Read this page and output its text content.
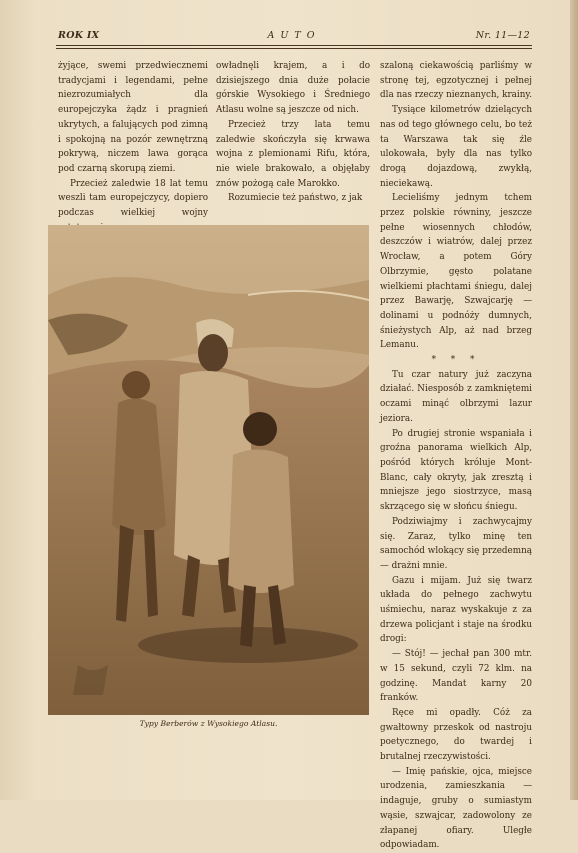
ROK IX	AUTO	Nr. 11—12

żyjące, swemi przedwiecznemi tradycjami i legendami, pełne niezrozumiałych dla europejczyka żądz i pragnień ukrytych, a falujących pod zimną i spokojną na pozór zewnętrzną pokrywą, niczem lawa gorąca pod czarną skorupą ziemi.

Przecież zaledwie 18 lat temu weszli tam europejczycy, dopiero podczas wielkiej wojny

owładnęli krajem, a i do dzisiejszego dnia duże połacie górskie Wysokiego i Średniego Atlasu wolne są jeszcze od nich.

Przecież trzy lata temu zaledwie skończyła się krwawa wojna z plemionami Rifu, która, nie wiele brakowało, a objęłaby znów pożogą całe Marokko.

Rozumiecie też państwo, z jak

szaloną ciekawością parliśmy w stronę tej, egzotycznej i pełnej dla nas rzeczy nieznanych, krainy.

Tysiące kilometrów dzielących nas od tego głównego celu, bo też ta Warszawa tak się źle ulokowała, były dla nas tylko drogą dojazdową, zwykłą, nieciekawą.

Lecieliśmy jednym tchem przez polskie równiny, jeszcze pełne wiosennych chłodów, deszczów i wiatrów, dalej przez Wrocław, a potem Góry Olbrzymie, gęsto polatane wielkiemi płachtami śniegu, dalej przez Bawarję, Szwajcarję — dolinami u podnóży dumnych, śnieżystych Alp, aż nad brzeg Lemanu.

* * *

Tu czar natury już zaczyna działać. Niesposób z zamkniętemi oczami minąć olbrzymi lazur jeziora.

Po drugiej stronie wspaniała i groźna panorama wielkich Alp, pośród których króluje Mont-Blanc, cały okryty, jak zresztą i mniejsze jego siostrzyce, masą skrzącego się w słońcu śniegu.

Podziwiajmy i zachwycajmy się. Zaraz, tylko minę ten samochód wlokący się przedemną — drażni mnie.

Gazu i mijam. Już się twarz układa do pełnego zachwytu uśmiechu, naraz wyskakuje z za drzewa policjant i staje na środku drogi:

— Stój! — jechał pan 300 mtr. w 15 sekund, czyli 72 klm. na godzinę. Mandat karny 20 franków.

Ręce mi opadły. Cóż za gwałtowny przeskok od nastroju poetycznego, do twardej i brutalnej rzeczywistości.

— Imię pańskie, ojca, miejsce urodzenia, zamieszkania — indaguje, gruby o sumiastym wąsie, szwajcar, zadowolony ze złapanej ofiary. Uległe odpowiadam.

Typy Berberów z Wysokiego Atlasu.
